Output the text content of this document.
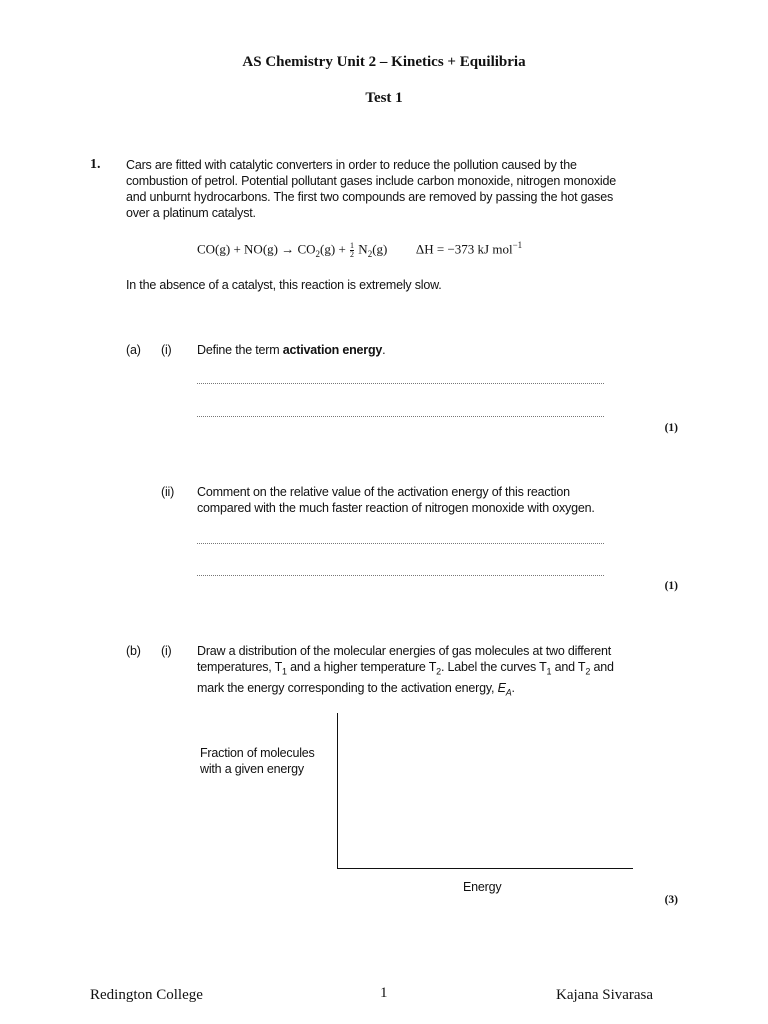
AS Chemistry Unit 2 – Kinetics + Equilibria
Test 1
1. Cars are fitted with catalytic converters in order to reduce the pollution caused by the
combustion of petrol. Potential pollutant gases include carbon monoxide, nitrogen monoxide
and unburnt hydrocarbons. The first two compounds are removed by passing the hot gases
over a platinum catalyst.
$CO(g) + NO(g) \to CO_2(g) + \frac{1}{2} N_2(g) \Delta H = -373$ kJ mol$^{-1}$
In the absence of a catalyst, this reaction is extremely slow.
(a) (i) Define the term activation energy.
(1)
(ii) Comment on the relative value of the activation energy of this reaction
compared with the much faster reaction of nitrogen monoxide with oxygen.
(1)
(b) (i) Draw a distribution of the molecular energies of gas molecules at two different
temperatures, $T_1$ and a higher temperature $T_2$. Label the curves $T_1$ and $T_2$ and
mark the energy corresponding to the activation energy, $E_A$.
Fraction of molecules
with a given energy
Energy
(3)
Redington College	1	Kajana Sivarasa
